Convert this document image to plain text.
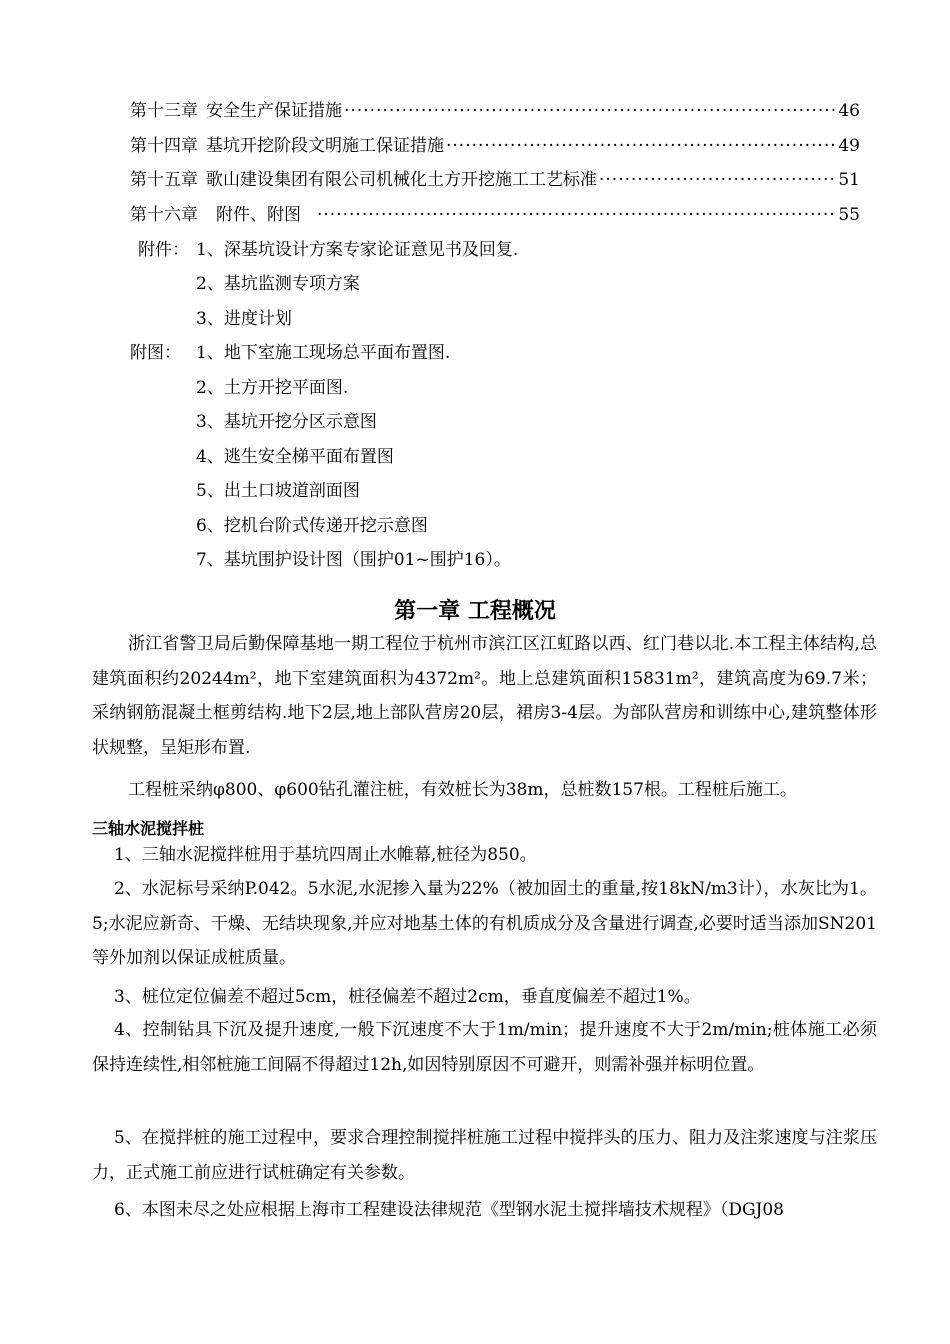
第十三章 安全生产保证措施 ·····	46
第十四章 基坑开挖阶段文明施工保证措施 ·····	49
第十五章 歌山建设集团有限公司机械化土方开挖施工工艺标准 ·····	51
第十六章 附件、附图 ·····	55
附件： 1、深基坑设计方案专家论证意见书及回复.
2、基坑监测专项方案
3、进度计划
附图： 1、地下室施工现场总平面布置图.
2、土方开挖平面图.
3、基坑开挖分区示意图
4、逃生安全梯平面布置图
5、出土口坡道剖面图
6、挖机台阶式传递开挖示意图
7、基坑围护设计图（围护01~围护16）。
第一章 工程概况
浙江省警卫局后勤保障基地一期工程位于杭州市滨江区江虹路以西、红门巷以北.本工程主体结构,总建筑面积约20244m²，地下室建筑面积为4372m²。地上总建筑面积15831m²，建筑高度为69.7米；采纳钢筋混凝土框剪结构.地下2层,地上部队营房20层，裙房3-4层。为部队营房和训练中心,建筑整体形状规整，呈矩形布置.
工程桩采纳φ800、φ600钻孔灌注桩，有效桩长为38m，总桩数157根。工程桩后施工。
三轴水泥搅拌桩
1、三轴水泥搅拌桩用于基坑四周止水帷幕,桩径为850。
2、水泥标号采纳P.042。5水泥,水泥掺入量为22%（被加固土的重量,按18kN/m3计），水灰比为1。5;水泥应新奇、干燥、无结块现象,并应对地基土体的有机质成分及含量进行调查,必要时适当添加SN201等外加剂以保证成桩质量。
3、桩位定位偏差不超过5cm，桩径偏差不超过2cm，垂直度偏差不超过1%。
4、控制钻具下沉及提升速度,一般下沉速度不大于1m/min；提升速度不大于2m/min;桩体施工必须保持连续性,相邻桩施工间隔不得超过12h,如因特别原因不可避开，则需补强并标明位置。
5、在搅拌桩的施工过程中，要求合理控制搅拌桩施工过程中搅拌头的压力、阻力及注浆速度与注浆压力，正式施工前应进行试桩确定有关参数。
6、本图未尽之处应根据上海市工程建设法律规范《型钢水泥土搅拌墙技术规程》（DGJ08
